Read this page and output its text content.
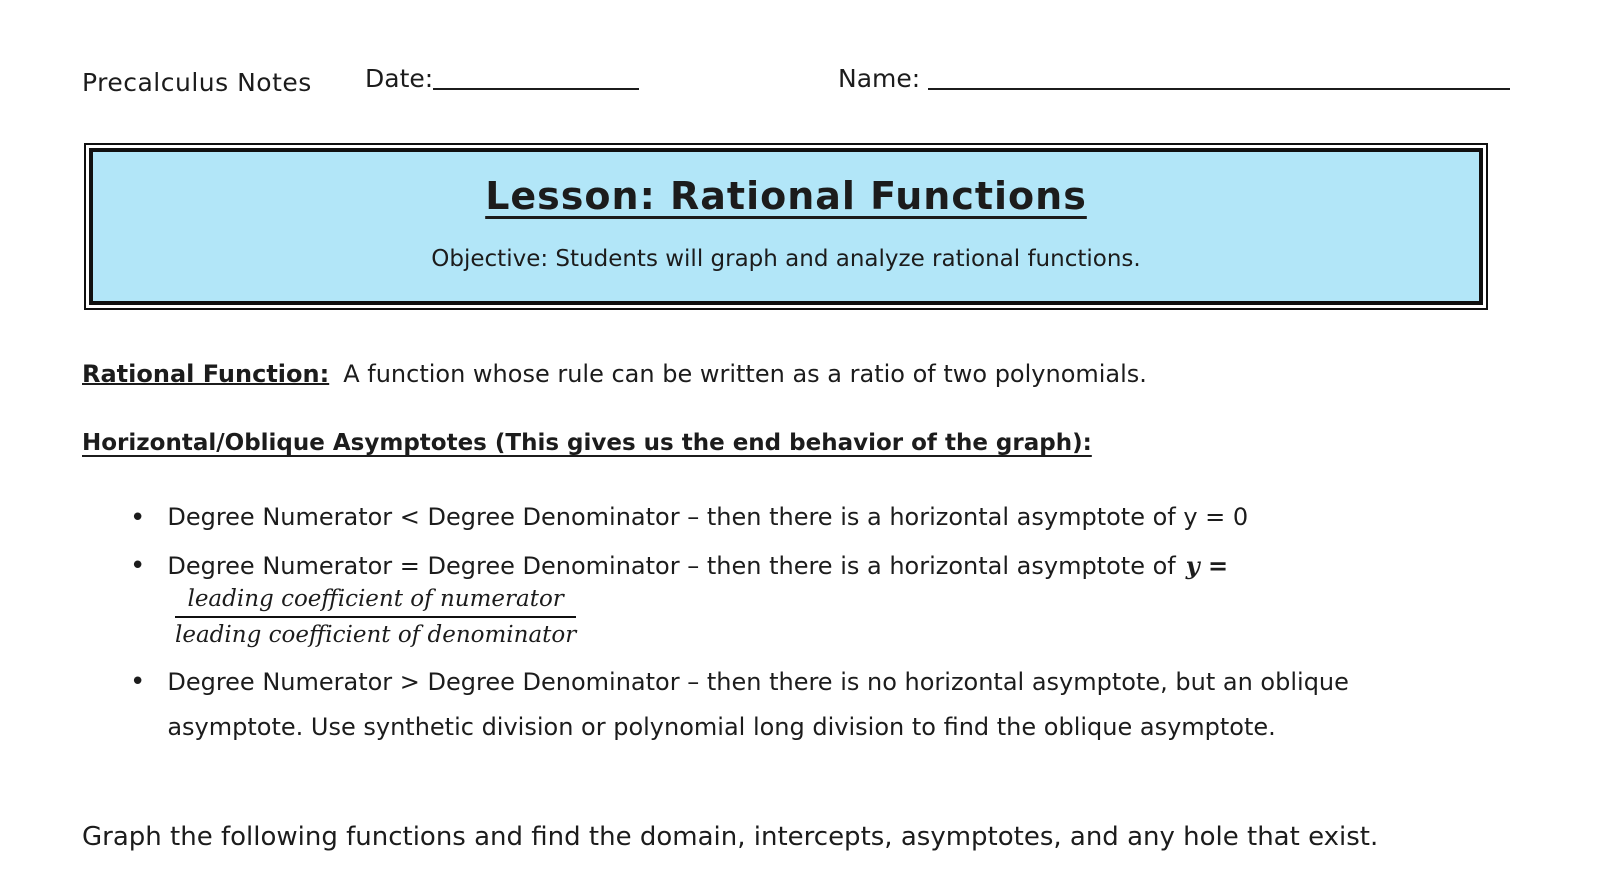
Precalculus Notes Date:	Name:
Lesson: Rational Functions
Objective: Students will graph and analyze rational functions.

Rational Function: A function whose rule can be written as a ratio of two polynomials.

Horizontal/Oblique Asymptotes (This gives us the end behavior of the graph):
• Degree Numerator < Degree Denominator – then there is a horizontal asymptote of y = 0
• Degree Numerator = Degree Denominator – then there is a horizontal asymptote of y =
leading coefficient of numerator
leading coefficient of denominator
• Degree Numerator > Degree Denominator – then there is no horizontal asymptote, but an oblique asymptote. Use synthetic division or polynomial long division to find the oblique asymptote.

Graph the following functions and find the domain, intercepts, asymptotes, and any hole that exist.
